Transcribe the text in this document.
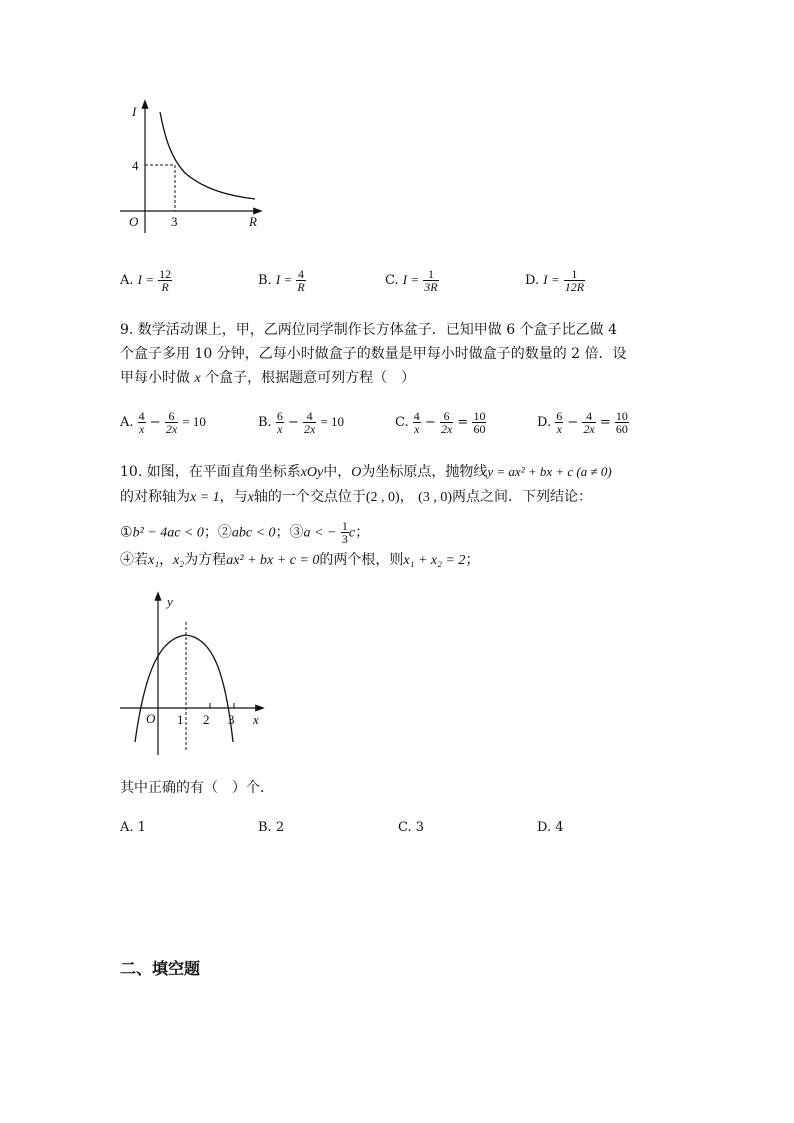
I
R
O
4
3
A. $I = \frac{12}{R}$	B. $I = \frac{4}{R}$	C. $I = \frac{1}{3R}$	D. $I = \frac{1}{12R}$
9. 数学活动课上，甲，乙两位同学制作长方体盆子．已知甲做 6 个盒子比乙做 4
个盒子多用 10 分钟，乙每小时做盒子的数量是甲每小时做盒子的数量的 2 倍．设
甲每小时做 x 个盒子，根据题意可列方程（　）
A. $\frac{4}{x} - \frac{6}{2x} = 10$	B. $\frac{6}{x} - \frac{4}{2x} = 10$	C. $\frac{4}{x} - \frac{6}{2x} = \frac{10}{60}$	D. $\frac{6}{x} - \frac{4}{2x} = \frac{10}{60}$
10. 如图，在平面直角坐标系xOy中，O为坐标原点，抛物线y = ax² + bx + c (a ≠ 0)
的对称轴为x = 1，与x轴的一个交点位于(2 , 0)， (3 , 0)两点之间．下列结论：
①b² − 4ac < 0；②abc < 0；③a < − $\frac{1}{3}$ c；
④若x₁，x₂为方程ax² + bx + c = 0的两个根，则x₁ + x₂ = 2；
y
x
O 1 2 3
其中正确的有（　）个．
A. 1	B. 2	C. 3	D. 4
二、填空题
